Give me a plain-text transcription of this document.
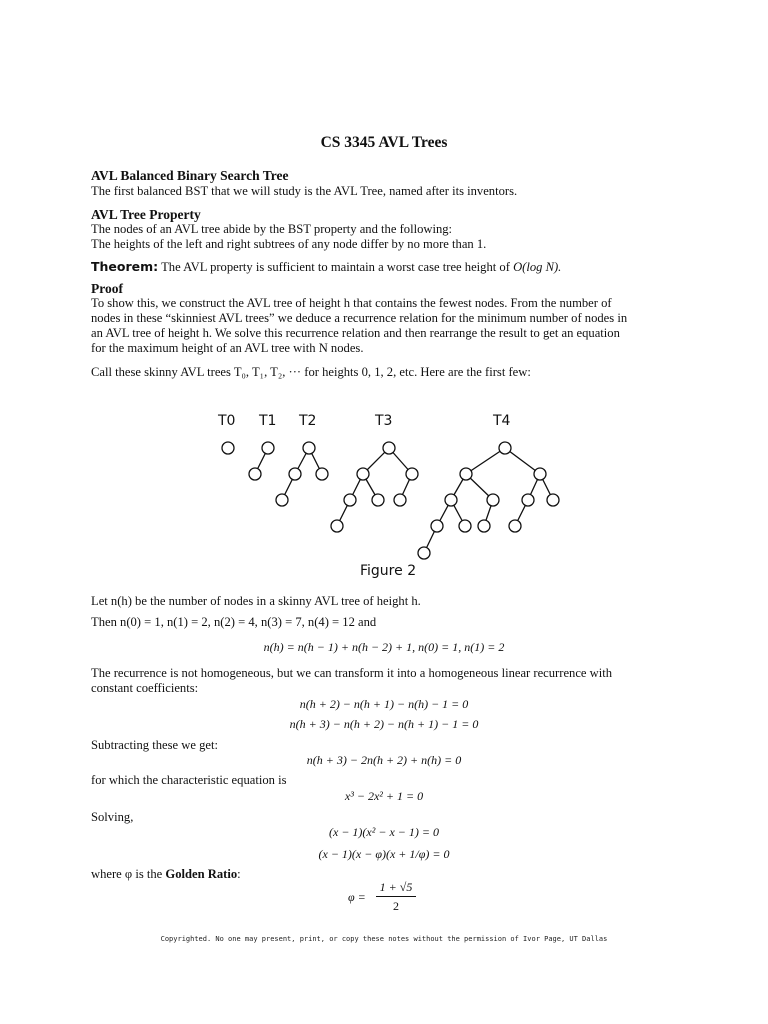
CS 3345 AVL Trees
AVL Balanced Binary Search Tree
The first balanced BST that we will study is the AVL Tree, named after its inventors.
AVL Tree Property
The nodes of an AVL tree abide by the BST property and the following:
The heights of the left and right subtrees of any node differ by no more than 1.
Theorem: The AVL property is sufficient to maintain a worst case tree height of O(log N).
Proof
To show this, we construct the AVL tree of height h that contains the fewest nodes. From the number of
nodes in these “skinniest AVL trees” we deduce a recurrence relation for the minimum number of nodes in
an AVL tree of height h. We solve this recurrence relation and then rearrange the result to get an equation
for the maximum height of an AVL tree with N nodes.
Call these skinny AVL trees T₀, T₁, T₂, ··· for heights 0, 1, 2, etc. Here are the first few:
T0 T1 T2	T3	T4
Figure 2
Let n(h) be the number of nodes in a skinny AVL tree of height h.
Then n(0) = 1, n(1) = 2, n(2) = 4, n(3) = 7, n(4) = 12 and
n(h) = n(h − 1) + n(h − 2) + 1, n(0) = 1, n(1) = 2
The recurrence is not homogeneous, but we can transform it into a homogeneous linear recurrence with
constant coefficients:
n(h + 2) − n(h + 1) − n(h) − 1 = 0
n(h + 3) − n(h + 2) − n(h + 1) − 1 = 0
Subtracting these we get:
n(h + 3) − 2n(h + 2) + n(h) = 0
for which the characteristic equation is
x³ − 2x² + 1 = 0
Solving,
(x − 1)(x² − x − 1) = 0
(x − 1)(x − φ)(x + 1/φ) = 0
where φ is the Golden Ratio:
φ =
1 + √5
2
Copyrighted. No one may present, print, or copy these notes without the permission of Ivor Page, UT Dallas
